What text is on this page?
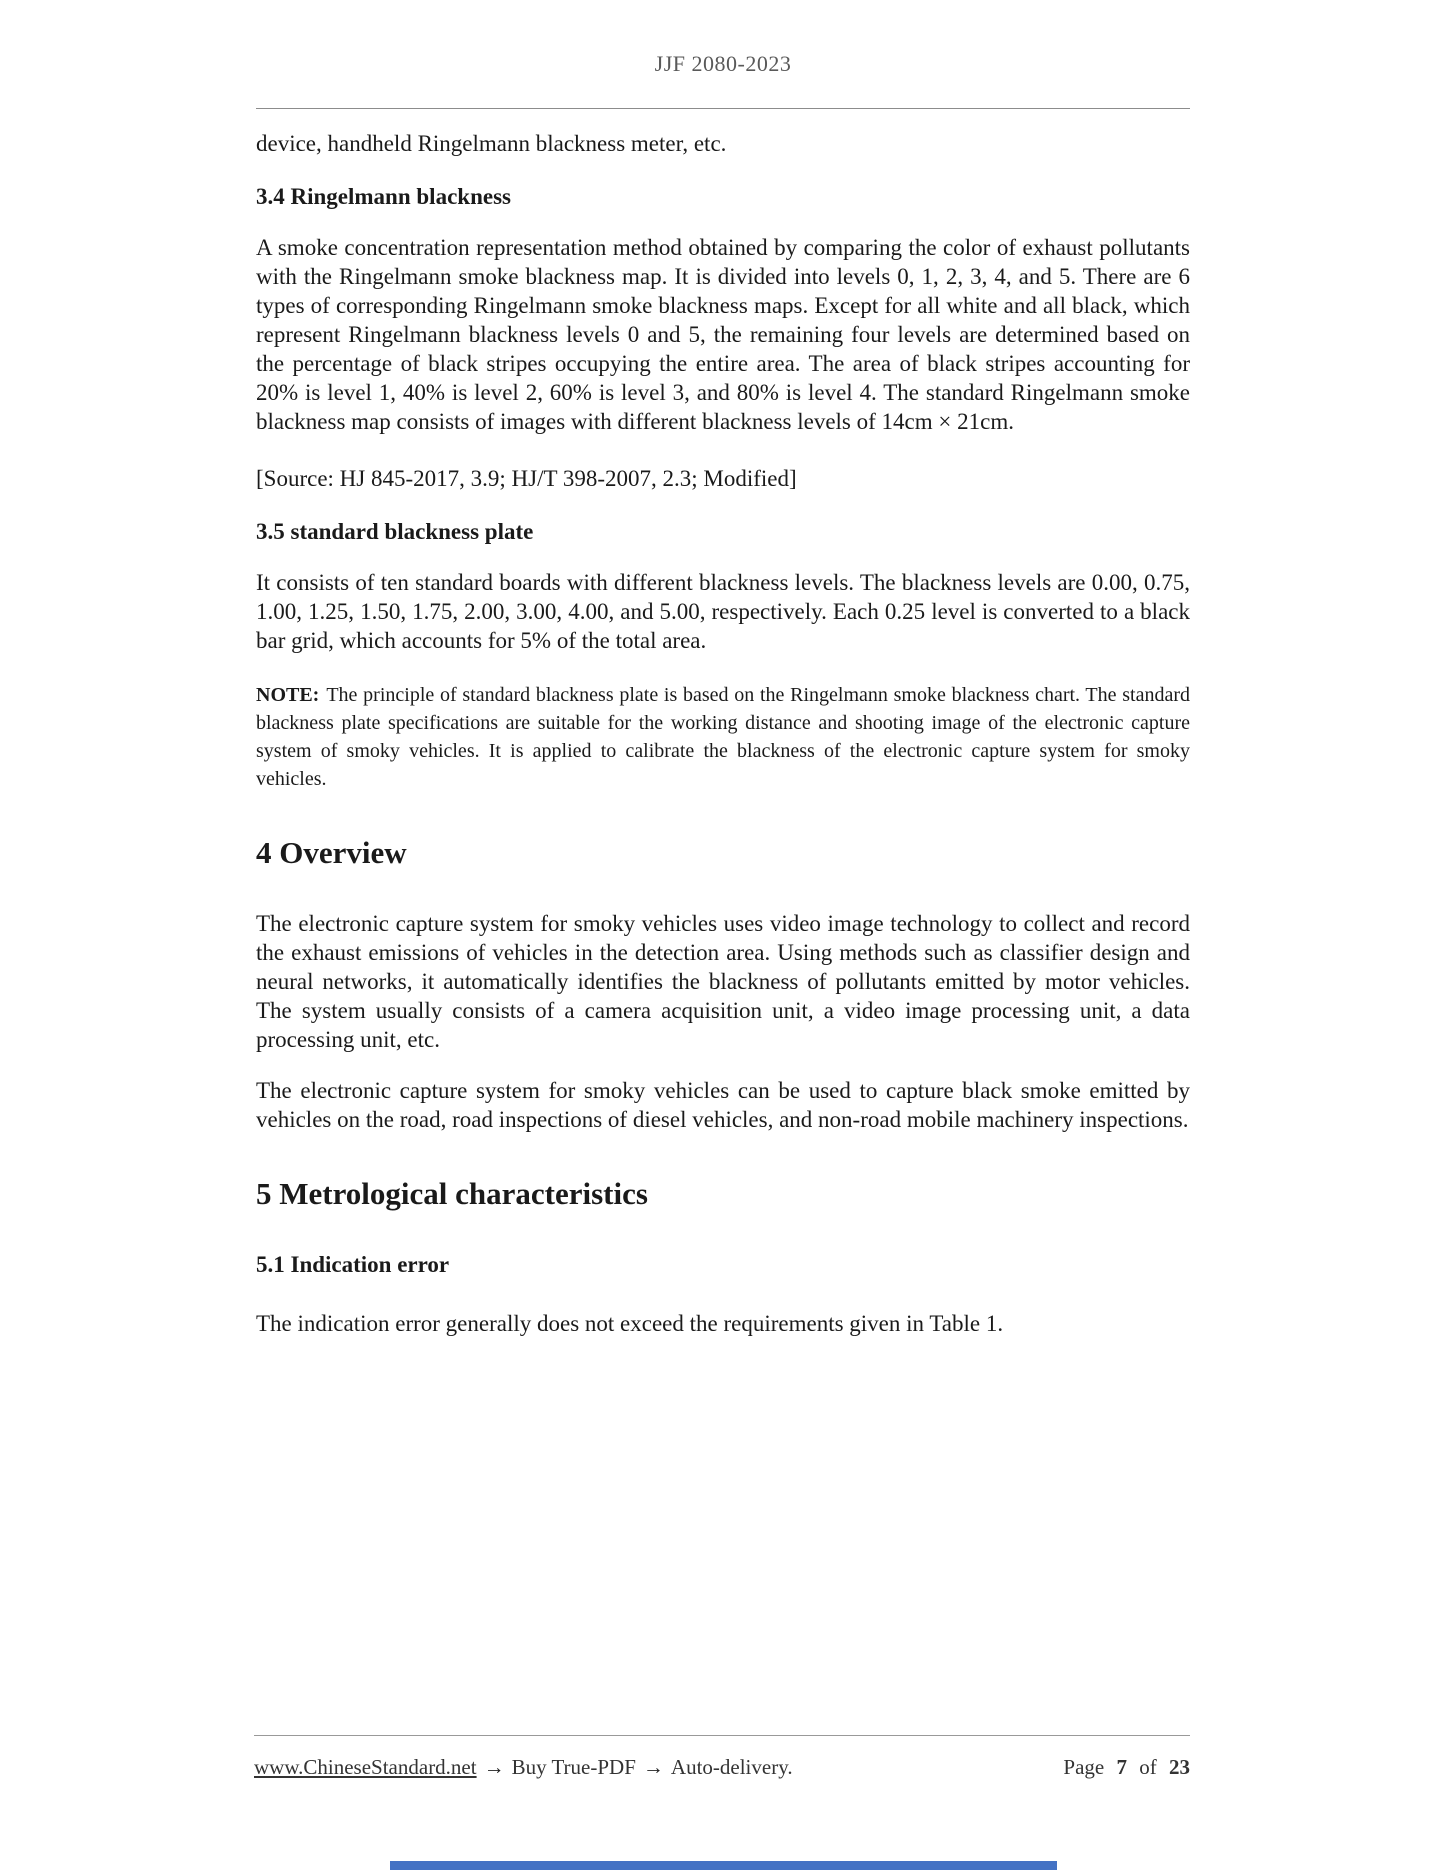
JJF 2080-2023

device, handheld Ringelmann blackness meter, etc.

3.4 Ringelmann blackness

A smoke concentration representation method obtained by comparing the color of exhaust pollutants with the Ringelmann smoke blackness map. It is divided into levels 0, 1, 2, 3, 4, and 5. There are 6 types of corresponding Ringelmann smoke blackness maps. Except for all white and all black, which represent Ringelmann blackness levels 0 and 5, the remaining four levels are determined based on the percentage of black stripes occupying the entire area. The area of black stripes accounting for 20% is level 1, 40% is level 2, 60% is level 3, and 80% is level 4. The standard Ringelmann smoke blackness map consists of images with different blackness levels of 14cm × 21cm.

[Source: HJ 845-2017, 3.9; HJ/T 398-2007, 2.3; Modified]

3.5 standard blackness plate

It consists of ten standard boards with different blackness levels. The blackness levels are 0.00, 0.75, 1.00, 1.25, 1.50, 1.75, 2.00, 3.00, 4.00, and 5.00, respectively. Each 0.25 level is converted to a black bar grid, which accounts for 5% of the total area.

NOTE: The principle of standard blackness plate is based on the Ringelmann smoke blackness chart. The standard blackness plate specifications are suitable for the working distance and shooting image of the electronic capture system of smoky vehicles. It is applied to calibrate the blackness of the electronic capture system for smoky vehicles.

4 Overview

The electronic capture system for smoky vehicles uses video image technology to collect and record the exhaust emissions of vehicles in the detection area. Using methods such as classifier design and neural networks, it automatically identifies the blackness of pollutants emitted by motor vehicles. The system usually consists of a camera acquisition unit, a video image processing unit, a data processing unit, etc.

The electronic capture system for smoky vehicles can be used to capture black smoke emitted by vehicles on the road, road inspections of diesel vehicles, and non-road mobile machinery inspections.

5 Metrological characteristics
5.1 Indication error

The indication error generally does not exceed the requirements given in Table 1.

www.ChineseStandard.net → Buy True-PDF → Auto-delivery.	Page 7 of 23
